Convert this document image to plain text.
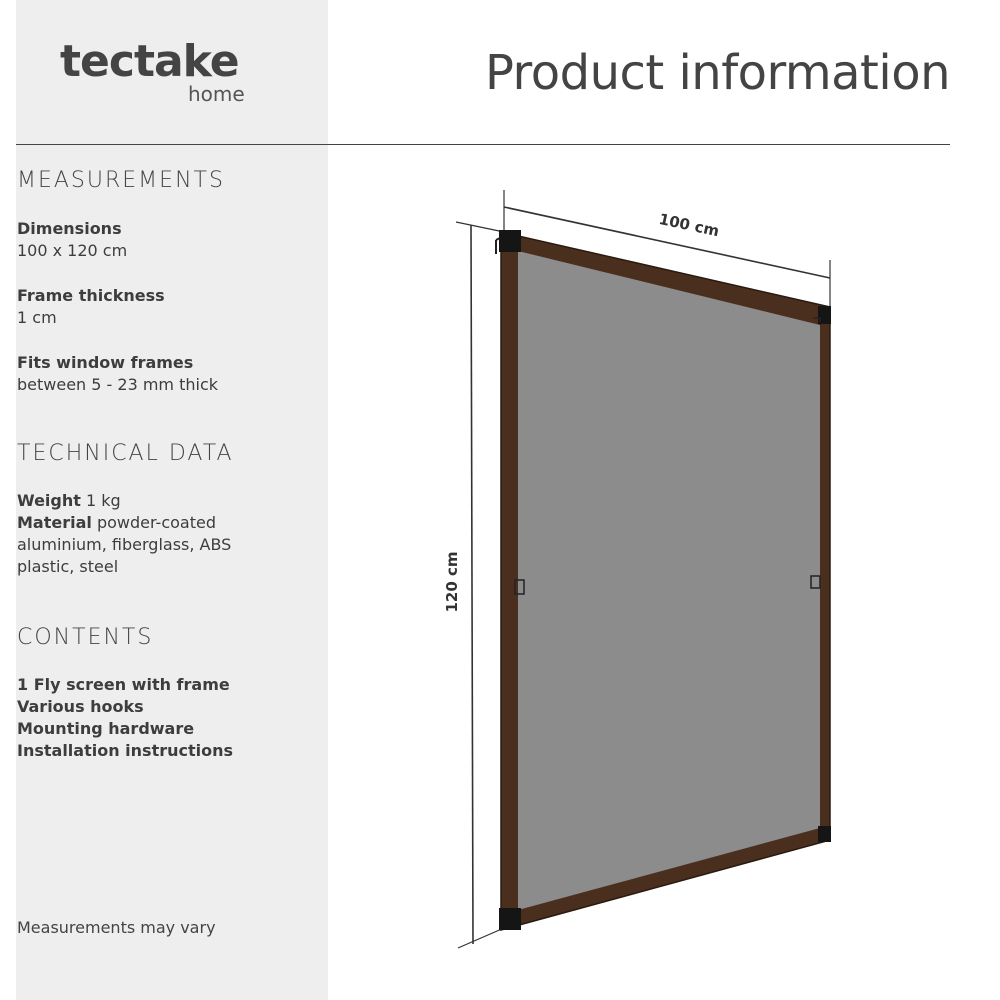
tectake
home	Product information
MEASUREMENTS
Dimensions
100 x 120 cm
Frame thickness
1 cm
Fits window frames
between 5 - 23 mm thick
TECHNICAL DATA
Weight 1 kg
Material powder-coated aluminium, fiberglass, ABS plastic, steel
CONTENTS
1 Fly screen with frame
Various hooks
Mounting hardware
Installation instructions
Measurements may vary
100 cm
120 cm
